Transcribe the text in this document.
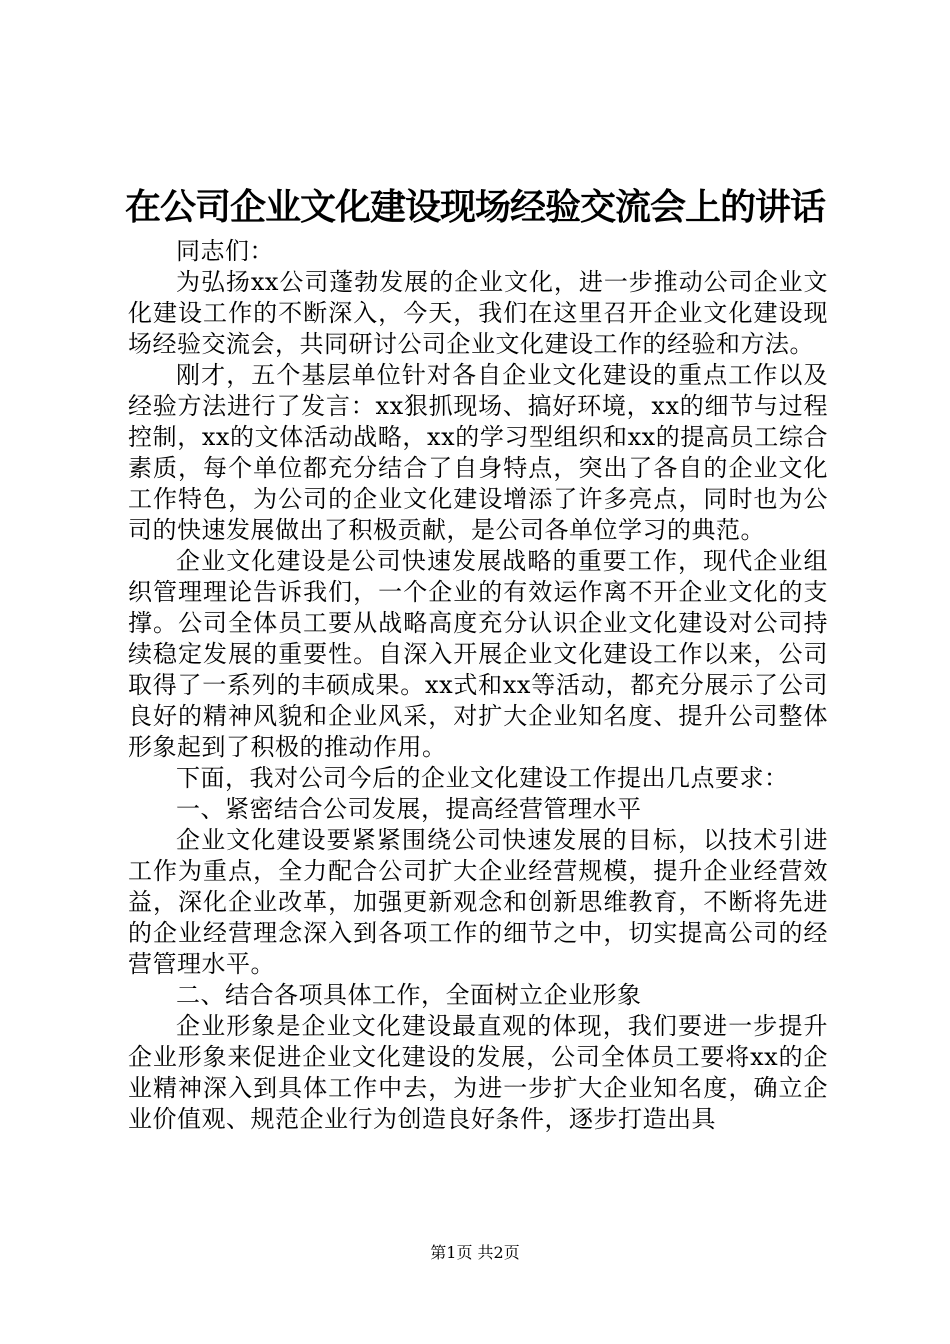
在公司企业文化建设现场经验交流会上的讲话

同志们：

为弘扬xx公司蓬勃发展的企业文化，进一步推动公司企业文化建设工作的不断深入，今天，我们在这里召开企业文化建设现场经验交流会，共同研讨公司企业文化建设工作的经验和方法。

刚才，五个基层单位针对各自企业文化建设的重点工作以及经验方法进行了发言：xx狠抓现场、搞好环境，xx的细节与过程控制，xx的文体活动战略，xx的学习型组织和xx的提高员工综合素质，每个单位都充分结合了自身特点，突出了各自的企业文化工作特色，为公司的企业文化建设增添了许多亮点，同时也为公司的快速发展做出了积极贡献，是公司各单位学习的典范。

企业文化建设是公司快速发展战略的重要工作，现代企业组织管理理论告诉我们，一个企业的有效运作离不开企业文化的支撑。公司全体员工要从战略高度充分认识企业文化建设对公司持续稳定发展的重要性。自深入开展企业文化建设工作以来，公司取得了一系列的丰硕成果。xx式和xx等活动，都充分展示了公司良好的精神风貌和企业风采，对扩大企业知名度、提升公司整体形象起到了积极的推动作用。

下面，我对公司今后的企业文化建设工作提出几点要求：

一、紧密结合公司发展，提高经营管理水平

企业文化建设要紧紧围绕公司快速发展的目标，以技术引进工作为重点，全力配合公司扩大企业经营规模，提升企业经营效益，深化企业改革，加强更新观念和创新思维教育，不断将先进的企业经营理念深入到各项工作的细节之中，切实提高公司的经营管理水平。

二、结合各项具体工作，全面树立企业形象

企业形象是企业文化建设最直观的体现，我们要进一步提升企业形象来促进企业文化建设的发展，公司全体员工要将xx的企业精神深入到具体工作中去，为进一步扩大企业知名度，确立企业价值观、规范企业行为创造良好条件，逐步打造出具

第1页 共2页
